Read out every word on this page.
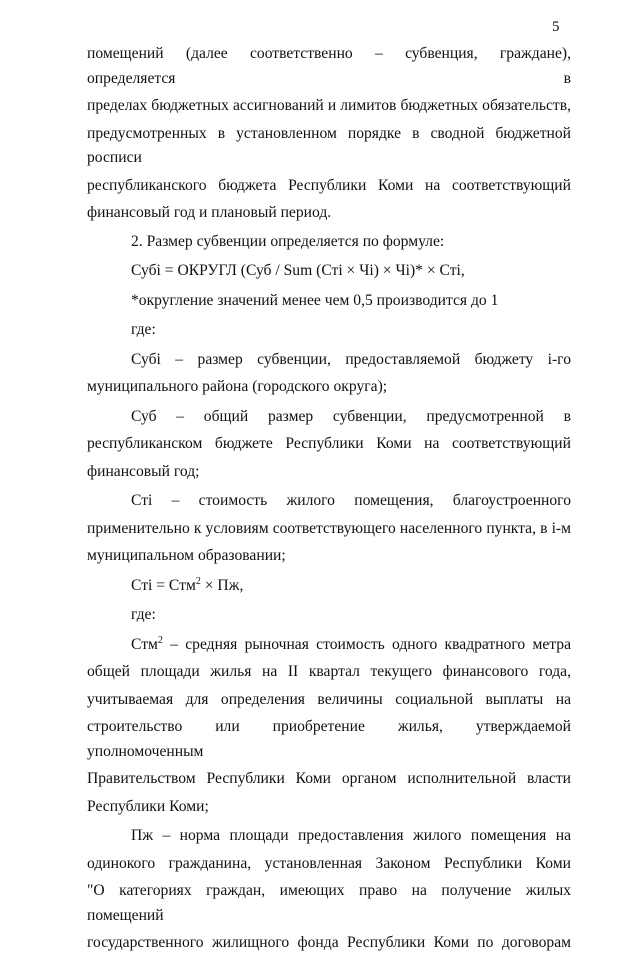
5

помещений (далее соответственно – субвенция, граждане), определяется в

пределах бюджетных ассигнований и лимитов бюджетных обязательств,

предусмотренных в установленном порядке в сводной бюджетной росписи

республиканского бюджета Республики Коми на соответствующий

финансовый год и плановый период.

2. Размер субвенции определяется по формуле:

Субi = ОКРУГЛ (Суб / Sum (Стi × Чi) × Чi)* × Стi,

*округление значений менее чем 0,5 производится до 1

где:

Субi – размер субвенции, предоставляемой бюджету i-го

муниципального района (городского округа);

Суб – общий размер субвенции, предусмотренной в

республиканском бюджете Республики Коми на соответствующий

финансовый год;

Стi – стоимость жилого помещения, благоустроенного

применительно к условиям соответствующего населенного пункта, в i-м

муниципальном образовании;

Стi = Стм$^2$ × Пж,

где:

Стм$^2$ – средняя рыночная стоимость одного квадратного метра

общей площади жилья на II квартал текущего финансового года,

учитываемая для определения величины социальной выплаты на

строительство или приобретение жилья, утверждаемой уполномоченным

Правительством Республики Коми органом исполнительной власти

Республики Коми;

Пж – норма площади предоставления жилого помещения на

одинокого гражданина, установленная Законом Республики Коми

"О категориях граждан, имеющих право на получение жилых помещений

государственного жилищного фонда Республики Коми по договорам
